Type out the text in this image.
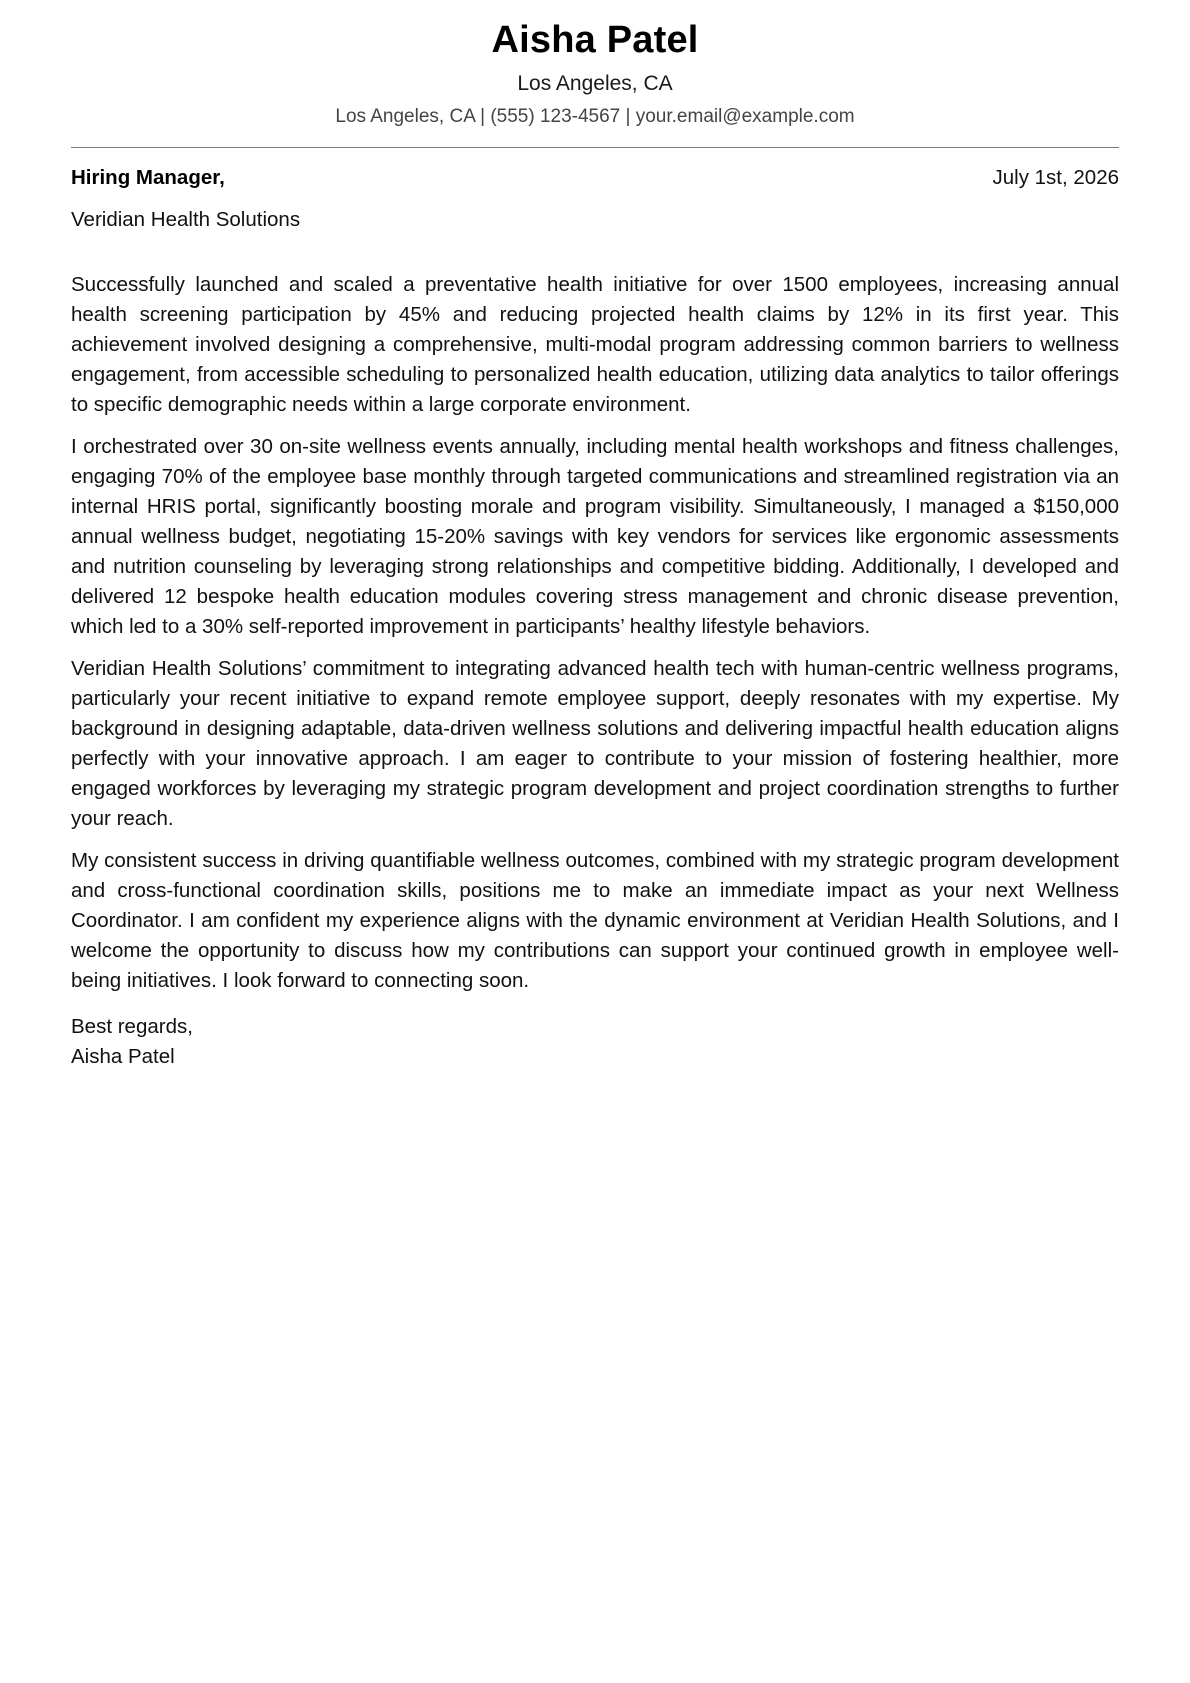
Aisha Patel
Los Angeles, CA
Los Angeles, CA | (555) 123-4567 | your.email@example.com
Hiring Manager,	July 1st, 2026
Veridian Health Solutions

Successfully launched and scaled a preventative health initiative for over 1500 employees, increasing annual health screening participation by 45% and reducing projected health claims by 12% in its first year. This achievement involved designing a comprehensive, multi-modal program addressing common barriers to wellness engagement, from accessible scheduling to personalized health education, utilizing data analytics to tailor offerings to specific demographic needs within a large corporate environment.

I orchestrated over 30 on-site wellness events annually, including mental health workshops and fitness challenges, engaging 70% of the employee base monthly through targeted communications and streamlined registration via an internal HRIS portal, significantly boosting morale and program visibility. Simultaneously, I managed a $150,000 annual wellness budget, negotiating 15-20% savings with key vendors for services like ergonomic assessments and nutrition counseling by leveraging strong relationships and competitive bidding. Additionally, I developed and delivered 12 bespoke health education modules covering stress management and chronic disease prevention, which led to a 30% self-reported improvement in participants’ healthy lifestyle behaviors.

Veridian Health Solutions’ commitment to integrating advanced health tech with human-centric wellness programs, particularly your recent initiative to expand remote employee support, deeply resonates with my expertise. My background in designing adaptable, data-driven wellness solutions and delivering impactful health education aligns perfectly with your innovative approach. I am eager to contribute to your mission of fostering healthier, more engaged workforces by leveraging my strategic program development and project coordination strengths to further your reach.

My consistent success in driving quantifiable wellness outcomes, combined with my strategic program development and cross-functional coordination skills, positions me to make an immediate impact as your next Wellness Coordinator. I am confident my experience aligns with the dynamic environment at Veridian Health Solutions, and I welcome the opportunity to discuss how my contributions can support your continued growth in employee well-being initiatives. I look forward to connecting soon.

Best regards,
Aisha Patel
